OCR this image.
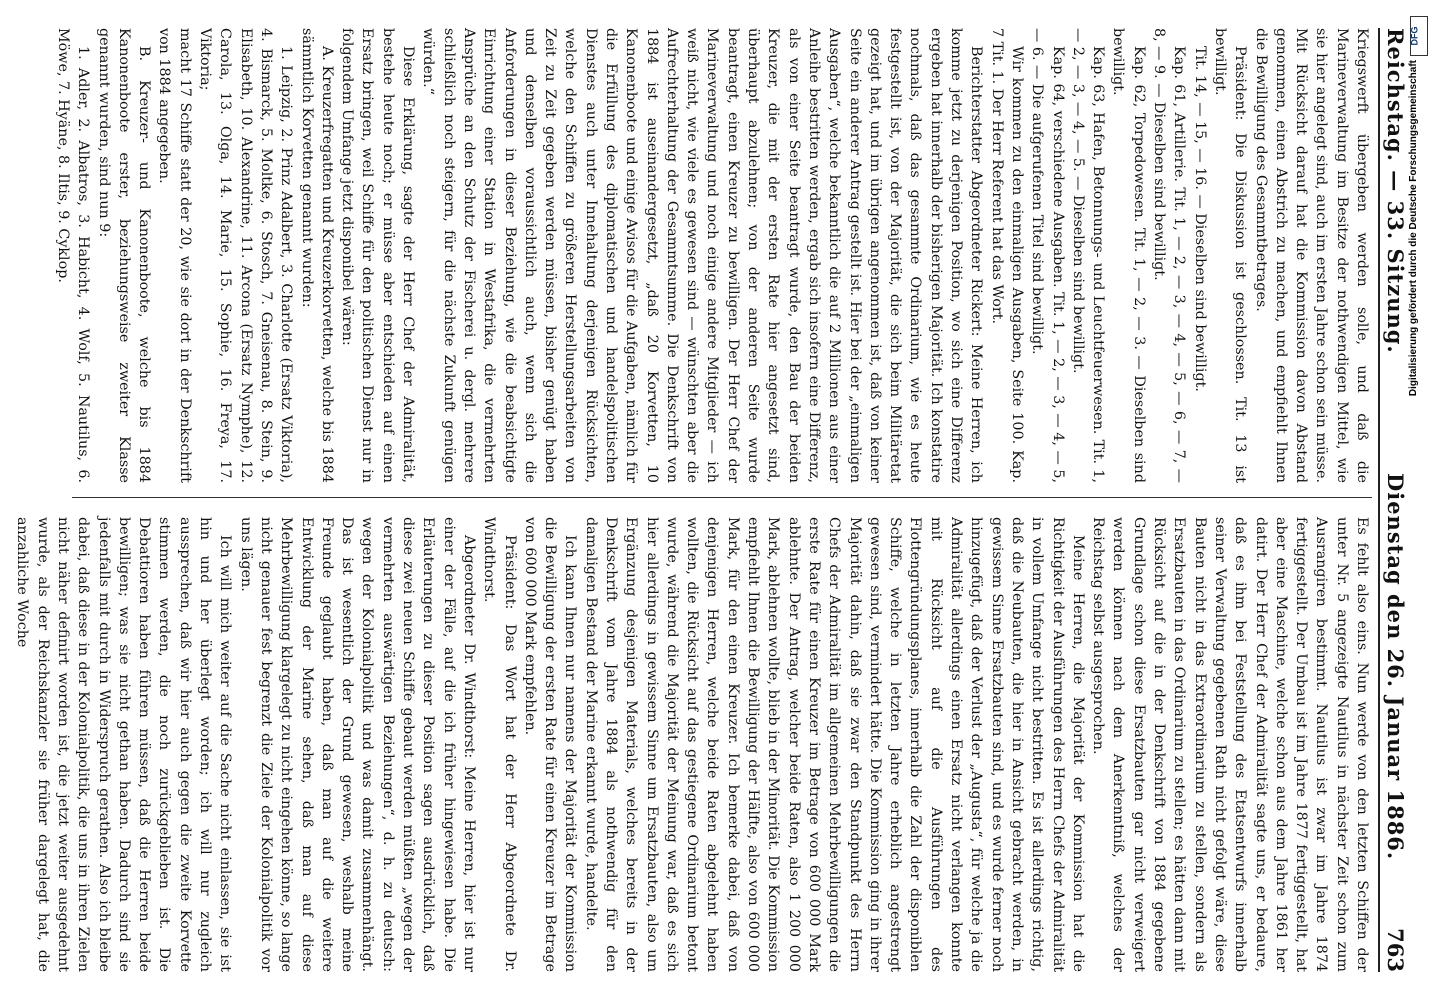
Reichstag. — 33. Sitzung.
Dienstag den 26. Januar 1886.
763

Kriegswerft übergeben werden solle, und daß die Marineverwaltung im Besitze der nothwendigen Mittel, wie sie hier angelegt sind, auch im ersten Jahre schon sein müsse. Mit Rücksicht darauf hat die Kommission davon Abstand genommen, einen Abstrich zu machen, und empfiehlt Ihnen die Bewilligung des Gesammtbetrages.

Präsident: Die Diskussion ist geschlossen. Tit. 13 ist bewilligt.

Tit. 14, — 15, — 16. — Dieselben sind bewilligt.

Kap. 61, Artillerie. Tit. 1, — 2, — 3, — 4, — 5, — 6, — 7, — 8, — 9. — Dieselben sind bewilligt.

Kap. 62, Torpedowesen. Tit. 1, — 2, — 3. — Dieselben sind bewilligt.

Kap. 63, Hafen, Betonnungs- und Leuchtfeuerwesen. Tit. 1, — 2, — 3, — 4, — 5. — Dieselben sind bewilligt.

Kap. 64, verschiedene Ausgaben. Tit. 1, — 2, — 3, — 4, — 5, — 6. — Die aufgerufenen Titel sind bewilligt.

Wir kommen zu den einmaligen Ausgaben, Seite 100. Kap. 7 Tit. 1. Der Herr Referent hat das Wort.

Berichterstatter Abgeordneter Rickert: Meine Herren, ich komme jetzt zu derjenigen Position, wo sich eine Differenz ergeben hat innerhalb der bisherigen Majorität. Ich konstatire nochmals, daß das gesammte Ordinarium, wie es heute festgestellt ist, von der Majorität, die sich beim Militäretat gezeigt hat, und im übrigen angenommen ist, daß von keiner Seite ein anderer Antrag gestellt ist. Hier bei der „einmaligen Ausgaben“, welche bekanntlich die auf 2 Millionen aus einer Anleihe bestritten werden, ergab sich insofern eine Differenz, als von einer Seite beantragt wurde, den Bau der beiden Kreuzer, die mit der ersten Rate hier angesetzt sind, überhaupt abzulehnen; von der anderen Seite wurde beantragt, einen Kreuzer zu bewilligen. Der Herr Chef der Marineverwaltung und noch einige andere Mitglieder — ich weiß nicht, wie viele es gewesen sind — wünschten aber die Aufrechterhaltung der Gesammtsumme. Die Denkschrift von 1884 ist auseinandergesetzt, „daß 20 Korvetten, 10 Kanonenboote und einige Avisos für die Aufgaben, nämlich für die Erfüllung des diplomatischen und handelspolitischen Dienstes auch unter Innehaltung derjenigen Rücksichten, welche den Schiffen zu größeren Herstellungsarbeiten von Zeit zu Zeit gegeben werden müssen, bisher genügt haben und denselben voraussichtlich auch, wenn sich die Anforderungen in dieser Beziehung, wie die beabsichtigte Einrichtung einer Station in Westafrika, die vermehrten Ansprüche an den Schutz der Fischerei u. dergl. mehrere schließlich noch steigern, für die nächste Zukunft genügen würden.“

Diese Erklärung, sagte der Herr Chef der Admiralität, bestehe heute noch; er müsse aber entschieden auf einen Ersatz bringen, weil Schiffe für den politischen Dienst nur in folgendem Umfange jetzt disponibel wären:

A. Kreuzerfregatten und Kreuzerkorvetten, welche bis 1884 sämmtlich Korvetten genannt wurden:

1. Leipzig, 2. Prinz Adalbert, 3. Charlotte (Ersatz Viktoria), 4. Bismarck, 5. Moltke, 6. Stosch, 7. Gneisenau, 8. Stein, 9. Elisabeth, 10. Alexandrine, 11. Arcona (Ersatz Nymphe), 12. Carola, 13. Olga, 14. Marie, 15. Sophie, 16. Freya, 17. Viktoria;

macht 17 Schiffe statt der 20, wie sie dort in der Denkschrift von 1884 angegeben.

B. Kreuzer- und Kanonenboote, welche bis 1884 Kanonenboote erster, beziehungsweise zweiter Klasse genannt wurden, sind nun 9:

1. Adler, 2. Albatros, 3. Habicht, 4. Wolf, 5. Nautilus, 6. Möwe, 7. Hyäne, 8. Iltis, 9. Cyklop.

Es fehlt also eins. Nun werde von den letzten Schiffen der unter Nr. 5 angezeigte Nautilus in nächster Zeit schon zum Ausrangiren bestimmt. Nautilus ist zwar im Jahre 1874 fertiggestellt. Der Umbau ist im Jahre 1877 fertiggestellt, hat aber eine Maschine, welche schon aus dem Jahre 1861 her datirt. Der Herr Chef der Admiralität sagte uns, er bedaure, daß es ihm bei Feststellung des Etatsentwurfs innerhalb seiner Verwaltung gegebenen Rath nicht gefolgt wäre, diese Bauten nicht in das Extraordinarium zu stellen, sondern als Ersatzbauten in das Ordinarium zu stellen; es hätten dann mit Rücksicht auf die in der Denkschrift von 1884 gegebene Grundlage schon diese Ersatzbauten gar nicht verweigert werden können nach dem Anerkenntniß, welches der Reichstag selbst ausgesprochen.

Meine Herren, die Majorität der Kommission hat die Richtigkeit der Ausführungen des Herrn Chefs der Admiralität in vollem Umfange nicht bestritten. Es ist allerdings richtig, daß die Neubauten, die hier in Ansicht gebracht werden, in gewissem Sinne Ersatzbauten sind, und es wurde ferner noch hinzugefügt, daß der Verlust der „Augusta“, für welche ja die Admiralität allerdings einen Ersatz nicht verlangen konnte mit Rücksicht auf die Ausführungen des Flottengründungsplanes, innerhalb die Zahl der disponiblen Schiffe, welche in letzten Jahre erheblich angestrengt gewesen sind, vermindert hätte. Die Kommission ging in ihrer Majorität dahin, daß sie zwar den Standpunkt des Herrn Chefs der Admiralität im allgemeinen Mehrbewilligungen die erste Rate für einen Kreuzer im Betrage von 600 000 Mark ablehnte. Der Antrag, welcher beide Raten, also 1 200 000 Mark, ablehnen wollte, blieb in der Minorität. Die Kommission empfiehlt Ihnen die Bewilligung der Hälfte, also von 600 000 Mark, für den einen Kreuzer. Ich bemerke dabei, daß von denjenigen Herren, welche beide Raten abgelehnt haben wollten, die Rücksicht auf das gestiegene Ordinarium betont wurde, während die Majorität der Meinung war, daß es sich hier allerdings in gewissem Sinne um Ersatzbauten, also um Ergänzung desjenigen Materials, welches bereits in der Denkschrift vom Jahre 1884 als nothwendig für den damaligen Bestand der Marine erkannt wurde, handelte.

Ich kann Ihnen nur namens der Majorität der Kommission die Bewilligung der ersten Rate für einen Kreuzer im Betrage von 600 000 Mark empfehlen.

Präsident: Das Wort hat der Herr Abgeordnete Dr. Windthorst.

Abgeordneter Dr. Windthorst: Meine Herren, hier ist nur einer der Fälle, auf die ich früher hingewiesen habe. Die Erläuterungen zu dieser Position sagen ausdrücklich, daß diese zwei neuen Schiffe gebaut werden müßten „wegen der vermehrten auswärtigen Beziehungen“, d. h. zu deutsch: wegen der Kolonialpolitik und was damit zusammenhängt. Das ist wesentlich der Grund gewesen, weshalb meine Freunde geglaubt haben, daß man auf die weitere Entwicklung der Marine sehen, daß man auf diese Mehrbewilligung klargelegt zu nicht eingehen könne, so lange nicht genauer fest begrenzt die Ziele der Kolonialpolitik vor uns lägen.

Ich will mich weiter auf die Sache nicht einlassen, sie ist hin und her überlegt worden; ich will nur zugleich aussprechen, daß wir hier auch gegen die zweite Korvette stimmen werden, die noch zurückgeblieben ist. Die Debattioren haben führen müssen, daß die Herren beide bewilligen; was sie nicht gethan haben. Dadurch sind sie jedenfalls mit durch in Widerspruch gerathen. Also ich bleibe dabei, daß diese in der Kolonialpolitik, die uns in ihren Zielen nicht näher definirt worden ist, die jetzt weiter ausgedehnt wurde, als der Reichskanzler sie früher dargelegt hat, die anzahliche Woche

DFG
Digitalisierung gefördert durch die Deutsche Forschungsgemeinschaft
